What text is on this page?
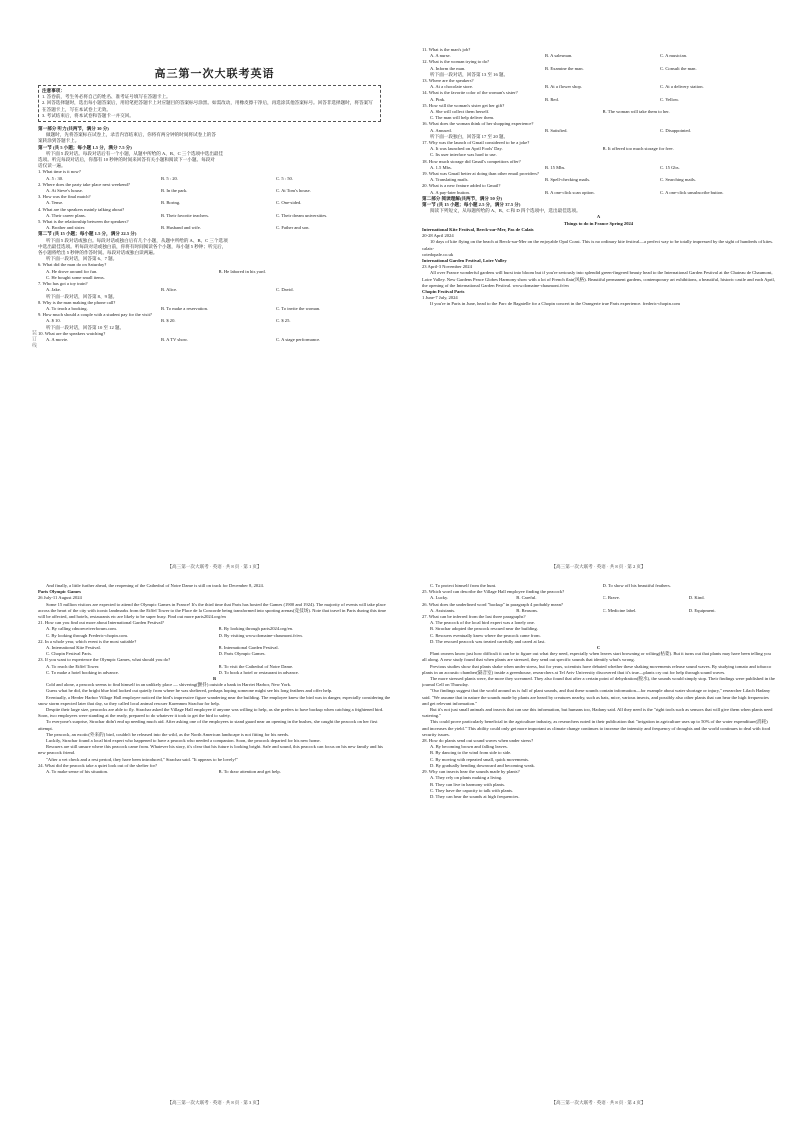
高三第一次大联考英语
注意事项：
1. 答卷前，考生务必将自己的姓名、准考证号填写在答题卡上。
2. 回答选择题时，选出每小题答案后，用铅笔把答题卡上对应题目的答案标号涂黑。如需改动，用橡皮擦干净后，再选涂其他答案标号。回答非选择题时，将答案写在答题卡上，写在本试卷上无效。
3. 考试结束后，将本试卷和答题卡一并交回。
第一部分 听力(共两节，满分 30 分)
做题时，先将答案标在试卷上，录音内容结束后，你将有两分钟的时间将试卷上的答
案转涂到答题卡上。
第一节 (共 5 小题；每小题 1.5 分，满分 7.5 分)
听下面 5 段对话。每段对话后有一个小题，从题中所给的 A、B、C 三个选项中选出最佳
选项。听完每段对话后，你都有 10 秒钟的时间来回答有关小题和阅读下一小题。每段对
话仅读一遍。
1. What time is it now?
A. 5 : 30.	B. 5 : 20.	C. 5 : 50.
2. Where does the party take place next weekend?
A. At Steve's house.	B. In the park.	C. At Tom's house.
3. How was the final match?
A. Tense.	B. Boring.	C. One-sided.
4. What are the speakers mainly talking about?
A. Their career plans.	B. Their favorite teachers.	C. Their dream universities.
5. What is the relationship between the speakers?
A. Brother and sister.	B. Husband and wife.	C. Father and son.
第二节 (共 15 小题；每小题 1.5 分，满分 22.5 分)
听下面 5 段对话或独白。每段对话或独白后有几个小题，从题中所给的 A、B、C 三个选项
中选出最佳选项。听每段对话或独白前，你将有时间阅读各个小题，每小题 5 秒钟；听完后，
各小题将给出 5 秒钟的作答时间。每段对话或独白读两遍。
听下面一段对话，回答第 6、7 题。
6. What did the man do on Saturday?
A. He drove around for fun.	B. He labored in his yard.
C. He bought some small items.
7. Who has got a toy train?
A. Jake.	B. Alice.	C. David.
听下面一段对话，回答第 8、9 题。
8. Why is the man making the phone call?
A. To teach a booking.	B. To make a reservation.	C. To invite the woman.
9. How much should a couple with a student pay for the visit?
A. $ 10.	B. $ 20.	C. $ 25.
听下面一段对话，回答第 10 至 12 题。
10. What are the speakers watching?
A. A movie.	B. A TV show.	C. A stage performance.
【高三第一次大联考 · 英语 · 共 8 页 · 第 1 页】
装 订 线
11. What is the man's job?
A. A nurse.	B. A salesman.	C. A musician.
12. What is the woman trying to do?
A. Inform the man.	B. Examine the man.	C. Consult the man.
听下面一段对话，回答第 13 至 16 题。
13. Where are the speakers?
A. At a chocolate store.	B. At a flower shop.	C. At a delivery station.
14. What is the favorite color of the woman's sister?
A. Pink.	B. Red.	C. Yellow.
15. How will the woman's sister get her gift?
A. She will collect them herself.	B. The woman will take them to her.
C. The man will help deliver them.
16. What does the woman think of her shopping experience?
A. Amused.	B. Satisfied.	C. Disappointed.
听下面一段独白，回答第 17 至 20 题。
17. Why was the launch of Gmail considered to be a joke?
A. It was launched on April Fools' Day.	B. It offered too much storage for free.
C. Its user interface was hard to use.
18. How much storage did Gmail's competitors offer?
A. 1.5 Mbs.	B. 15 Mbs.	C. 15 Gbs.
19. What was Gmail better at doing than other email providers?
A. Translating mails.	B. Spell-checking mails.	C. Searching mails.
20. What is a new feature added to Gmail?
A. A pay-later button.	B. A one-click scan option.	C. A one-click unsubscribe button.
第二部分 阅读理解(共两节，满分 50 分)
第一节 (共 15 小题；每小题 2.5 分，满分 37.5 分)
阅读下列短文，从每题所给的 A、B、C 和 D 四个选项中，选出最佳选项。
A
Things to do in France Spring 2024
International Kite Festival, Berck-sur-Mer, Pas de Calais
20-28 April 2024
10 days of kite flying on the beach at Berck-sur-Mer on the enjoyable Opal Coast. This is no ordinary kite festival—a perfect way to be totally impressed by the sight of hundreds of kites. calais-
cotedopale.co.uk
International Garden Festival, Loire Valley
23 April-3 November 2024
All over France wonderful gardens will burst into bloom but if you're seriously into splendid green-fingered beauty head to the International Garden Festival at the Chateau de Chaumont, Loire Valley. New Gardens Peace Globes Harmony show with a lot of French flair(风格). Beautiful permanent gardens, contemporary art exhibitions, a beautiful, historic castle and each April, the opening of the International Garden Festival. www.domaine-chaumont.fr/en
Chopin Festival Paris
1 June-7 July, 2024
If you're in Paris in June, head to the Parc de Bagatelle for a Chopin concert in the Orangerie true Paris experience. frederic-chopin.com
【高三第一次大联考 · 英语 · 共 8 页 · 第 2 页】
And finally, a little further ahead, the reopening of the Cathedral of Notre Dame is still on track for December 8, 2024.
Paris Olympic Games
26 July-11 August 2024
Some 15 million visitors are expected to attend the Olympic Games in France! It's the third time that Paris has hosted the Games (1900 and 1924). The majority of events will take place across the heart of the city with iconic landmarks from the Eiffel Tower to the Place de la Concorde being transformed into sporting arenas(竞技场). Note that travel in Paris during this time will be affected, and hotels, restaurants etc are likely to be super busy. Find out more paris2024.org/en
21. How can you find out more about International Garden Festival?
A. By calling cdnoreceiverforum.com.	B. By looking through paris2024.org/en.
C. By looking through Frederic-chopin.com.	D. By visiting www.domaine-chaumont.fr/en.
22. In a whole year, which event is the most suitable?
A. International Kite Festival.	B. International Garden Festival.
C. Chopin Festival Paris.	D. Paris Olympic Games.
23. If you want to experience the Olympic Games, what should you do?
A. To reach the Eiffel Tower.	B. To visit the Cathedral of Notre Dame.
C. To make a hotel booking in advance.	D. To book a hotel or restaurant in advance.
B
Cold and alone, a peacock seems to find himself in an unlikely place — shivering(颤抖) outside a bank in Harriet Harbor, New York.
Guess what he did, the bright blue bird looked out quietly from where he was sheltered, perhaps hoping someone might see his long feathers and offer help.
Eventually, a Herder Harbor Village Hall employee noticed the bird's impressive figure wandering near the building. The employee knew the bird was in danger, especially considering the snow storm expected later that day, so they called local animal rescuer Karenmm Strachar for help.
Despite their large size, peacocks are able to fly. Strachar asked the Village Hall employee if anyone was willing to help, as she prefers to have backup when catching a frightened bird. Soon, two employees were standing at the ready, prepared to do whatever it took to get the bird to safety.
To everyone's surprise, Strachar didn't end up needing much aid. After asking one of the employees to stand guard near an opening in the bushes, she caught the peacock on her first attempt.
The peacock, an exotic(外来的) bird, couldn't be released into the wild, as the North American landscape is not fitting for his needs.
Luckily, Strachar found a local bird expert who happened to have a peacock who needed a companion. Soon, the peacock departed for his new home.
Rescuers are still unsure where this peacock came from. Whatever his story, it's clear that his future is looking bright. Safe and sound, this peacock can focus on his new family and his new peacock friend.
"After a vet check and a rest period, they have been introduced," Strachar said. "It appears to be lovely!"
24. What did the peacock take a quiet look out of the shelter for?
A. To make sense of his situation.	B. To draw attention and get help.
【高三第一次大联考 · 英语 · 共 8 页 · 第 3 页】
C. To protect himself from the hunt.	D. To show off his beautiful feathers.
25. Which word can describe the Village Hall employee finding the peacock?
A. Lucky.	B. Careful.	C. Brave.	D. Kind.
26. What does the underlined word "backup" in paragraph 4 probably mean?
A. Assistants.	B. Reasons.	C. Medicine label.	D. Equipment.
27. What can be inferred from the last three paragraphs?
A. The peacock of the local bird expert was a lonely one.
B. Strachar adopted the peacock rescued near the building.
C. Rescuers eventually knew where the peacock came from.
D. The rescued peacock was treated carefully and cared at last.
C
Plant owners know just how difficult it can be to figure out what they need, especially when leaves start browning or wilting(枯萎). But it turns out that plants may have been telling you all along. A new study found that when plants are stressed, they send out specific sounds that identify what's wrong.
Previous studies show that plants shake when under stress, but for years, scientists have debated whether these shaking movements release sound waves. By studying tomato and tobacco plants in an acoustic chamber(隔音室) inside a greenhouse, researchers at Tel Aviv University discovered that it's true—plants cry out for help through sound waves.
The more stressed plants were, the more they screamed. They also found that after a certain point of dehydration(脱水), the sounds would simply stop. Their findings were published in the journal Cell on Thursday.
"Our findings suggest that the world around us is full of plant sounds, and that these sounds contain information—for example about water shortage or injury," researcher Lilach Hadany said. "We assume that in nature the sounds made by plants are heard by creatures nearby, such as bats, mice, various insects, and possibly also other plants that can hear the high frequencies and get relevant information."
But it's not just small animals and insects that can use this information, but humans too, Hadany said. All they need is the "right tools such as sensors that will give them when plants need watering."
This could prove particularly beneficial in the agriculture industry, as researchers noted in their publication that "irrigation in agriculture uses up to 50% of the water expenditure(消耗) and increases the yield." This ability could only get more important as climate change continues to increase the intensity and frequency of droughts and the world continues to deal with food security issues.
28. How do plants send out sound waves when under stress?
A. By becoming brown and falling leaves.
B. By dancing to the wind from side to side.
C. By moving with repeated small, quick movements.
D. By gradually bending downward and becoming weak.
29. Why can insects hear the sounds made by plants?
A. They rely on plants making a living.
B. They can live in harmony with plants.
C. They have the capacity to talk with plants.
D. They can hear the sounds at high frequencies.
【高三第一次大联考 · 英语 · 共 8 页 · 第 4 页】
